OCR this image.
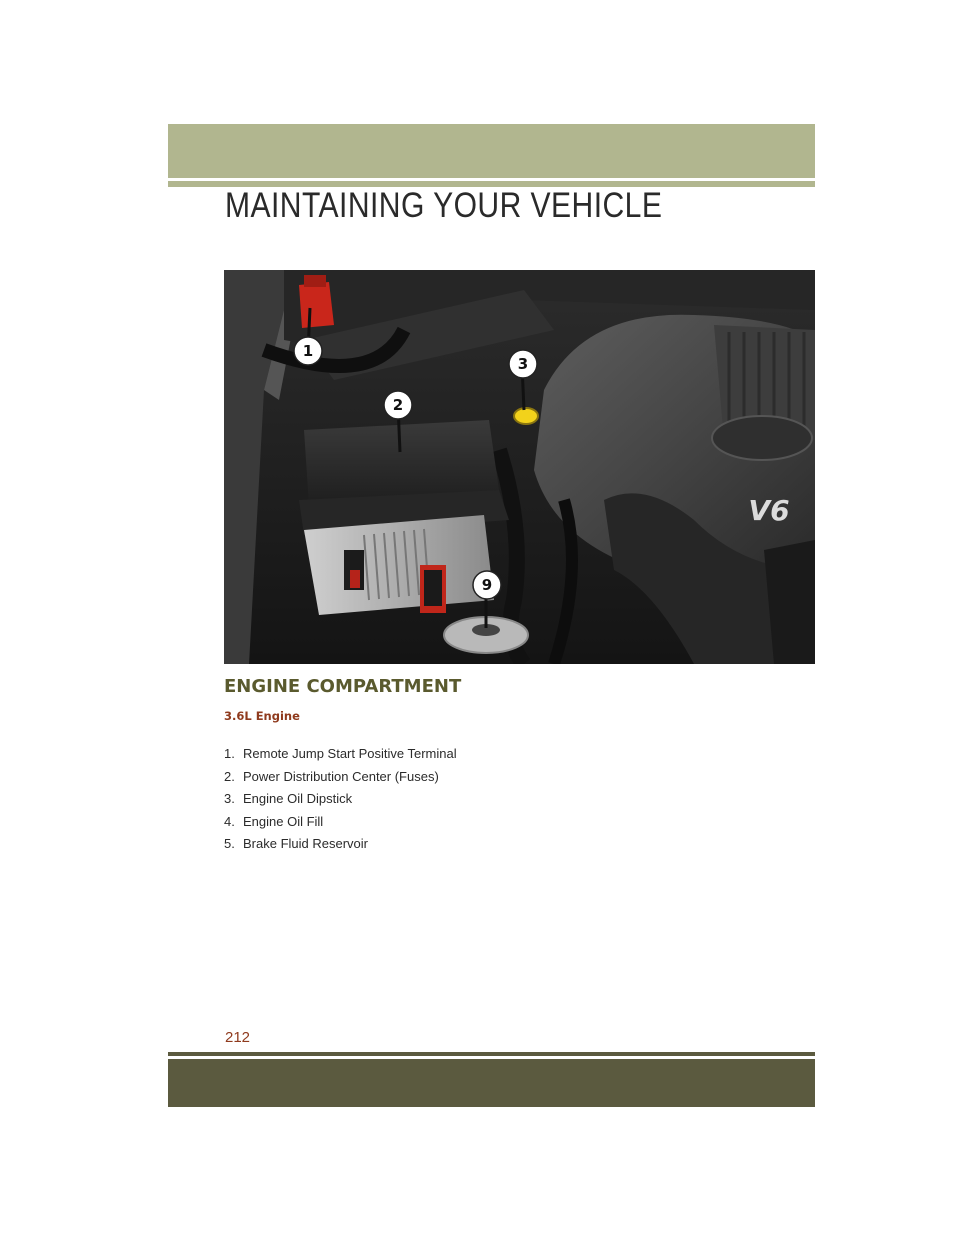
MAINTAINING YOUR VEHICLE
V6
1
2
3
9
ENGINE COMPARTMENT
3.6L Engine
1. Remote Jump Start Positive Terminal
2. Power Distribution Center (Fuses)
3. Engine Oil Dipstick
4. Engine Oil Fill
5. Brake Fluid Reservoir
212
